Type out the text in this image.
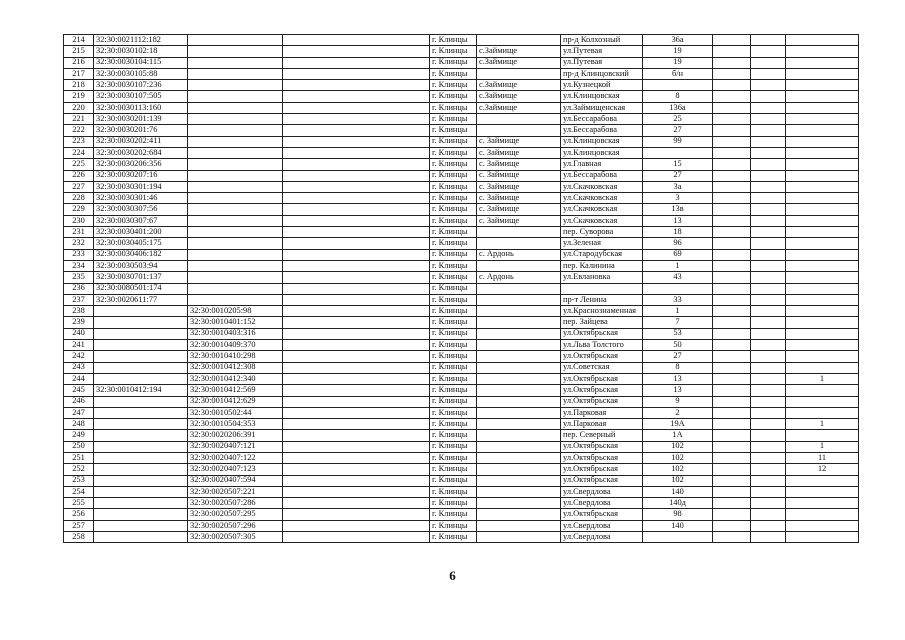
214	32:30:0021112:182			г. Клинцы		пр-д Колхозный	36а			
215	32:30:0030102:18			г. Клинцы	с.Займище	ул.Путевая	19			
216	32:30:0030104:115			г. Клинцы	с.Займище	ул.Путевая	19			
217	32:30:0030105:88			г. Клинцы		пр-д Клинцовский	б/н			
218	32:30:0030107:236			г. Клинцы	с.Займище	ул.Кузнецкой				
219	32:30:0030107:505			г. Клинцы	с.Займище	ул.Клинцовская	8			
220	32:30:0030113:160			г. Клинцы	с.Займище	ул.Займищенская	136а			
221	32:30:0030201:139			г. Клинцы		ул.Бессарабова	25			
222	32:30:0030201:76			г. Клинцы		ул.Бессарабова	27			
223	32:30:0030202:411			г. Клинцы	с. Займище	ул.Клинцовская	99			
224	32:30:0030202:684			г. Клинцы	с. Займище	ул.Клинцовская				
225	32:30:0030206:356			г. Клинцы	с. Займище	ул.Главная	15			
226	32:30:0030207:16			г. Клинцы	с. Займище	ул.Бессарабова	27			
227	32:30:0030301:194			г. Клинцы	с. Займище	ул.Скачковская	3а			
228	32:30:0030301:46			г. Клинцы	с. Займище	ул.Скачковская	3			
229	32:30:0030307:56			г. Клинцы	с. Займище	ул.Скачковская	13в			
230	32:30:0030307:67			г. Клинцы	с. Займище	ул.Скачковская	13			
231	32:30:0030401:200			г. Клинцы		пер. Суворова	18			
232	32:30:0030405:175			г. Клинцы		ул.Зеленая	96			
233	32:30:0030406:182			г. Клинцы	с. Ардонь	ул.Стародубская	69			
234	32:30:0030503:94			г. Клинцы		пер. Калинина	1			
235	32:30:0030701:137			г. Клинцы	с. Ардонь	ул.Евлановка	43			
236	32:30:0080501:174			г. Клинцы						
237	32:30:0020611:77			г. Клинцы		пр-т Ленина	33			
238		32:30:0010205:98		г. Клинцы		ул.Краснознаменная	1			
239		32:30:0010401:152		г. Клинцы		пер. Зайцева	7			
240		32:30:0010403:316		г. Клинцы		ул.Октябрьская	53			
241		32:30:0010409:370		г. Клинцы		ул.Льва Толстого	50			
242		32:30:0010410:298		г. Клинцы		ул.Октябрьская	27			
243		32:30:0010412:308		г. Клинцы		ул.Советская	8			
244		32:30:0010412:340		г. Клинцы		ул.Октябрьская	13			1
245	32:30:0010412:194	32:30:0010412:569		г. Клинцы		ул.Октябрьская	13			
246		32:30:0010412:629		г. Клинцы		ул.Октябрьская	9			
247		32:30:0010502:44		г. Клинцы		ул.Парковая	2			
248		32:30:0010504:353		г. Клинцы		ул.Парковая	19А			1
249		32:30:0020206:391		г. Клинцы		пер. Северный	1А			
250		32:30:0020407:121		г. Клинцы		ул.Октябрьская	102			1
251		32:30:0020407:122		г. Клинцы		ул.Октябрьская	102			11
252		32:30:0020407:123		г. Клинцы		ул.Октябрьская	102			12
253		32:30:0020407:594		г. Клинцы		ул.Октябрьская	102			
254		32:30:0020507:221		г. Клинцы		ул.Свердлова	140			
255		32:30:0020507:286		г. Клинцы		ул.Свердлова	140д			
256		32:30:0020507:295		г. Клинцы		ул.Октябрьская	98			
257		32:30:0020507:296		г. Клинцы		ул.Свердлова	140			
258		32:30:0020507:305		г. Клинцы		ул.Свердлова				
6
